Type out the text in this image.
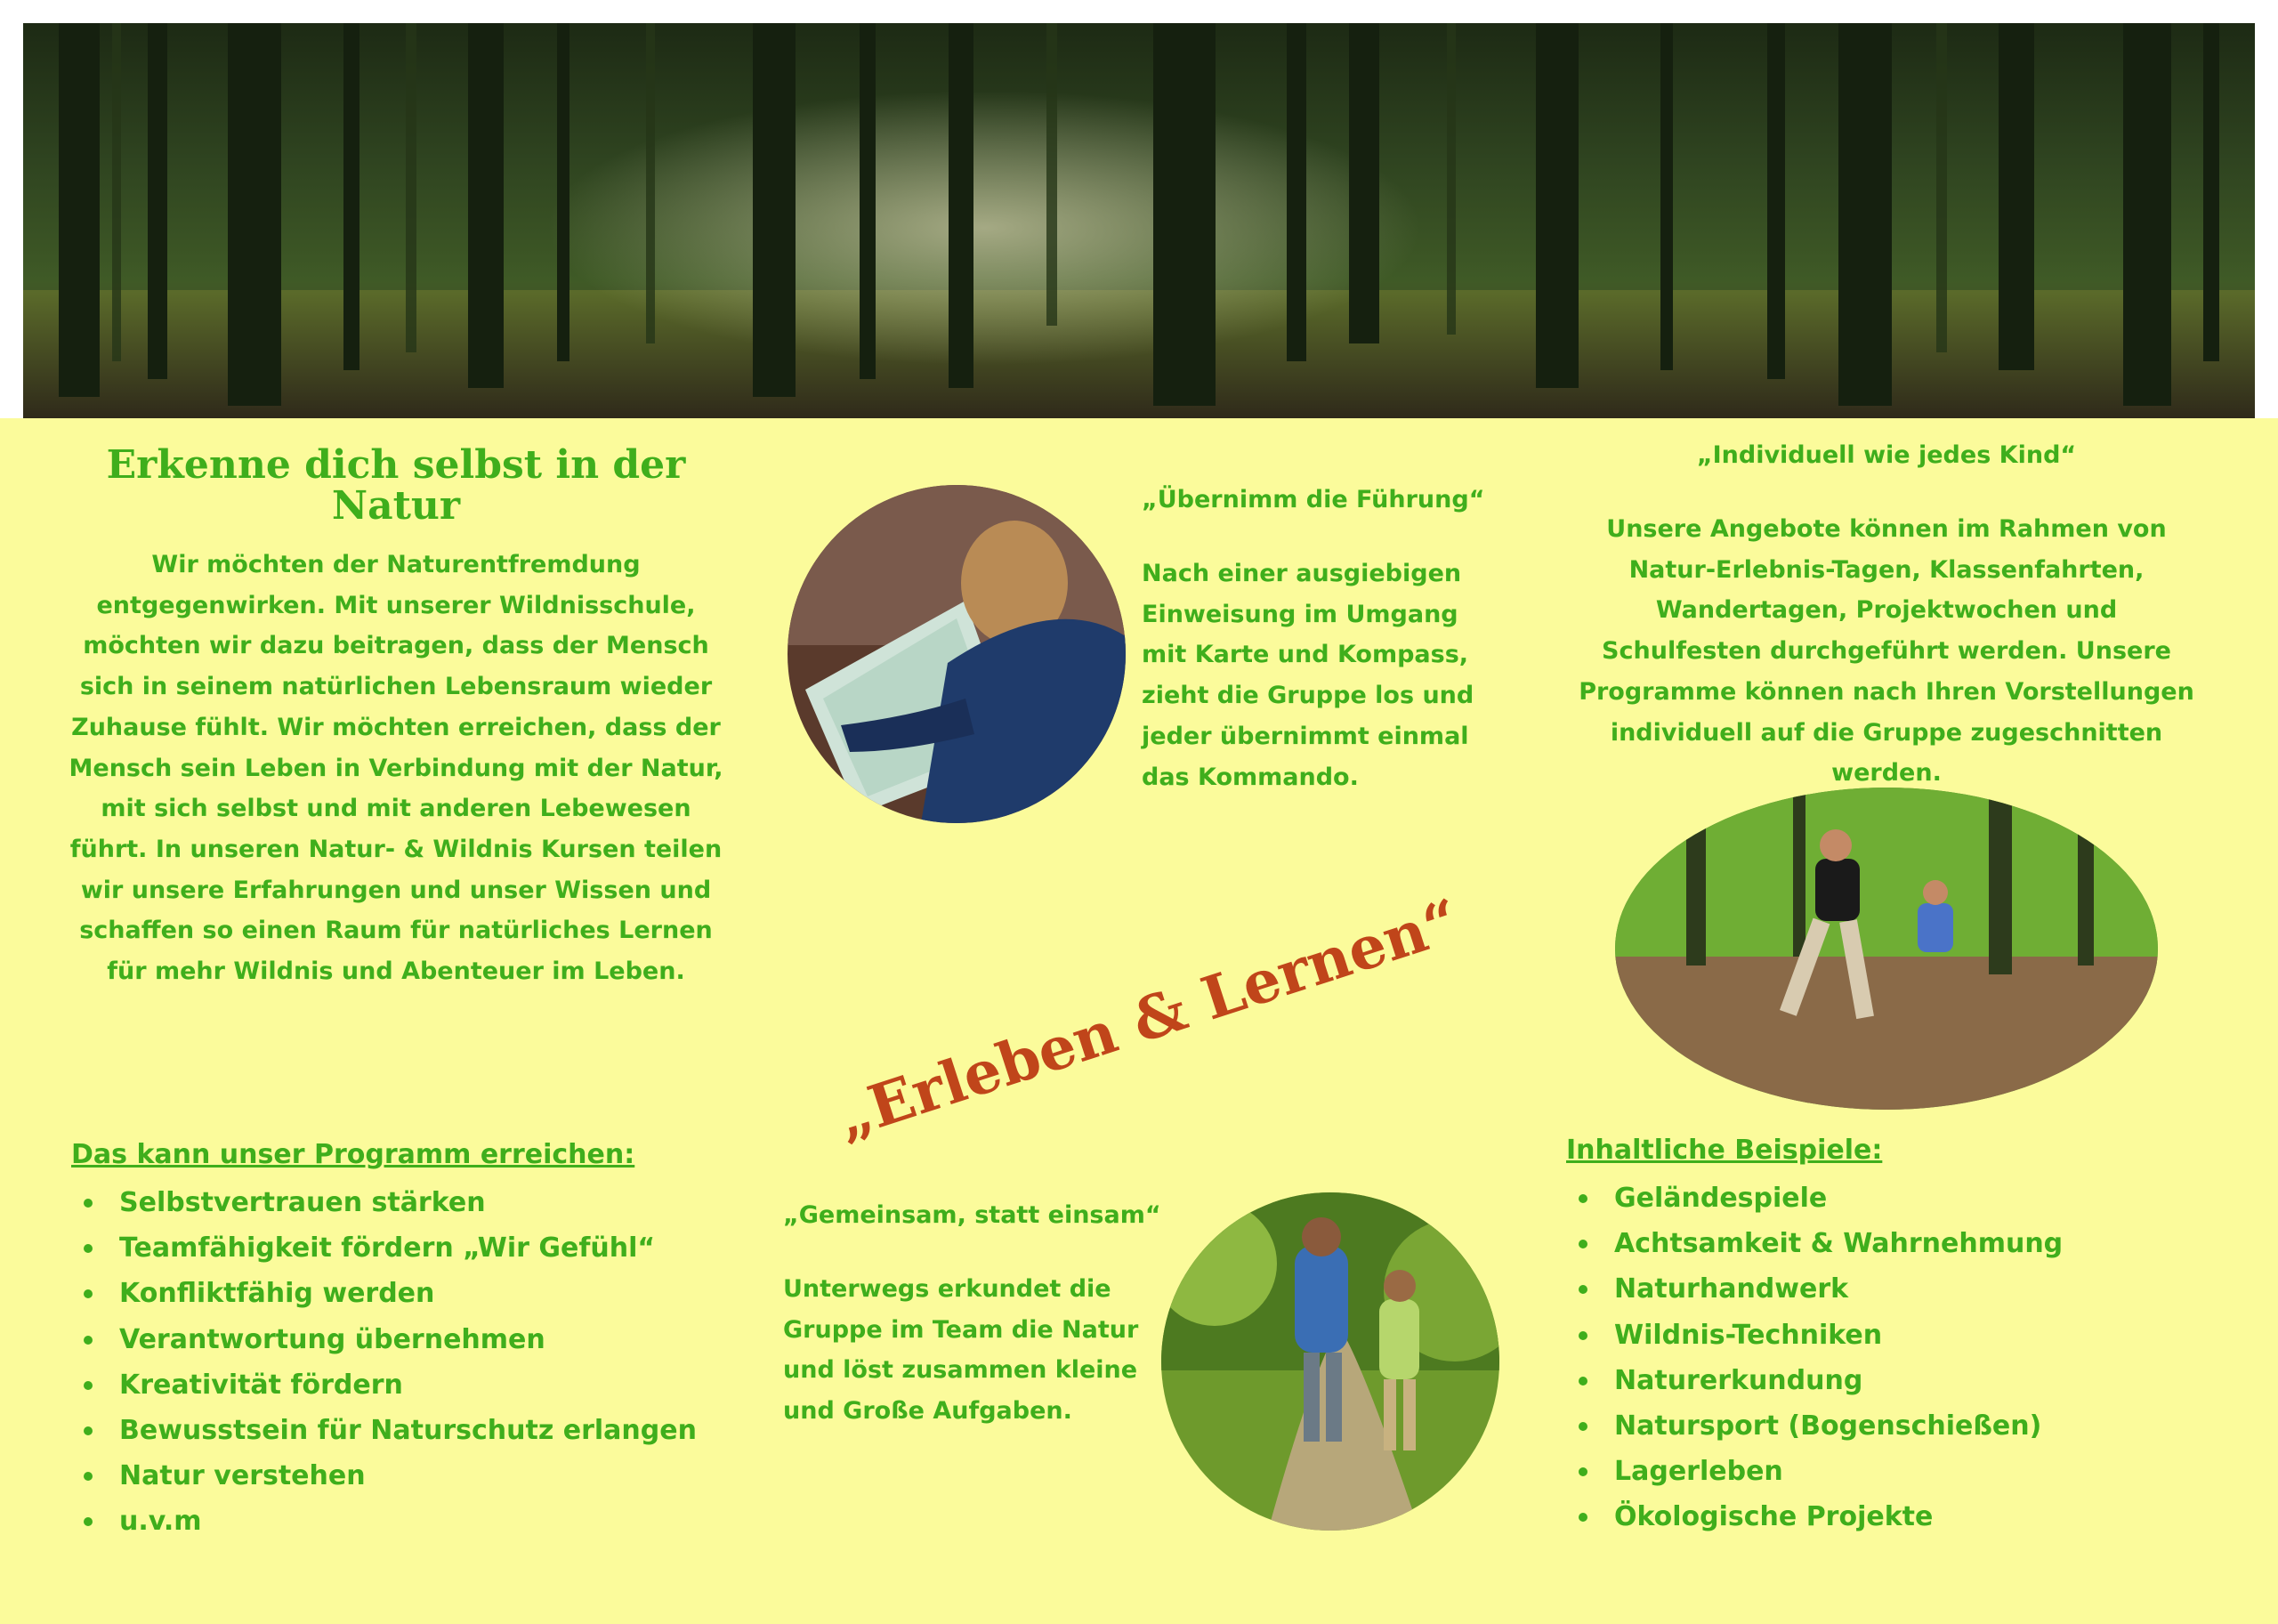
Erkenne dich selbst in der Natur

Wir möchten der Naturentfremdung entgegenwirken. Mit unserer Wildnisschule, möchten wir dazu beitragen, dass der Mensch sich in seinem natürlichen Lebensraum wieder Zuhause fühlt. Wir möchten erreichen, dass der Mensch sein Leben in Verbindung mit der Natur, mit sich selbst und mit anderen Lebewesen führt. In unseren Natur- & Wildnis Kursen teilen wir unsere Erfahrungen und unser Wissen und schaffen so einen Raum für natürliches Lernen für mehr Wildnis und Abenteuer im Leben.

Das kann unser Programm erreichen:
Selbstvertrauen stärken
Teamfähigkeit fördern „Wir Gefühl“
Konfliktfähig werden
Verantwortung übernehmen
Kreativität fördern
Bewusstsein für Naturschutz erlangen
Natur verstehen
u.v.m
„Übernimm die Führung“

Nach einer ausgiebigen Einweisung im Umgang mit Karte und Kompass, zieht die Gruppe los und jeder übernimmt einmal das Kommando.

„Erleben & Lernen“
„Gemeinsam, statt einsam“

Unterwegs erkundet die Gruppe im Team die Natur und löst zusammen kleine und Große Aufgaben.

„Individuell wie jedes Kind“

Unsere Angebote können im Rahmen von Natur-Erlebnis-Tagen, Klassenfahrten, Wandertagen, Projektwochen und Schulfesten durchgeführt werden. Unsere Programme können nach Ihren Vorstellungen individuell auf die Gruppe zugeschnitten werden.

Inhaltliche Beispiele:
Geländespiele
Achtsamkeit & Wahrnehmung
Naturhandwerk
Wildnis-Techniken
Naturerkundung
Natursport (Bogenschießen)
Lagerleben
Ökologische Projekte
